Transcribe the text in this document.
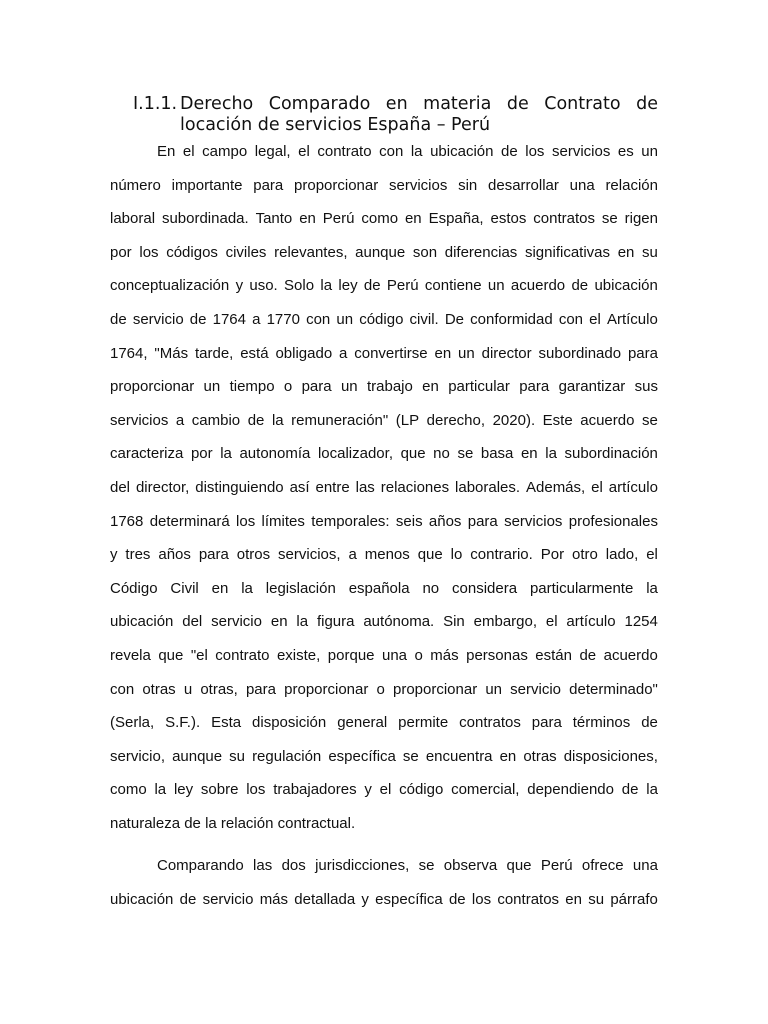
I.1.1. Derecho Comparado en materia de Contrato de
locación de servicios España – Perú
En el campo legal, el contrato con la ubicación de los servicios es un
número importante para proporcionar servicios sin desarrollar una relación
laboral subordinada. Tanto en Perú como en España, estos contratos se rigen
por los códigos civiles relevantes, aunque son diferencias significativas en su
conceptualización y uso. Solo la ley de Perú contiene un acuerdo de ubicación
de servicio de 1764 a 1770 con un código civil. De conformidad con el Artículo
1764, "Más tarde, está obligado a convertirse en un director subordinado para
proporcionar un tiempo o para un trabajo en particular para garantizar sus
servicios a cambio de la remuneración" (LP derecho, 2020). Este acuerdo se
caracteriza por la autonomía localizador, que no se basa en la subordinación
del director, distinguiendo así entre las relaciones laborales. Además, el artículo
1768 determinará los límites temporales: seis años para servicios profesionales
y tres años para otros servicios, a menos que lo contrario. Por otro lado, el
Código Civil en la legislación española no considera particularmente la
ubicación del servicio en la figura autónoma. Sin embargo, el artículo 1254
revela que "el contrato existe, porque una o más personas están de acuerdo
con otras u otras, para proporcionar o proporcionar un servicio determinado"
(Serla, S.F.). Esta disposición general permite contratos para términos de
servicio, aunque su regulación específica se encuentra en otras disposiciones,
como la ley sobre los trabajadores y el código comercial, dependiendo de la
naturaleza de la relación contractual.
Comparando las dos jurisdicciones, se observa que Perú ofrece una
ubicación de servicio más detallada y específica de los contratos en su párrafo
